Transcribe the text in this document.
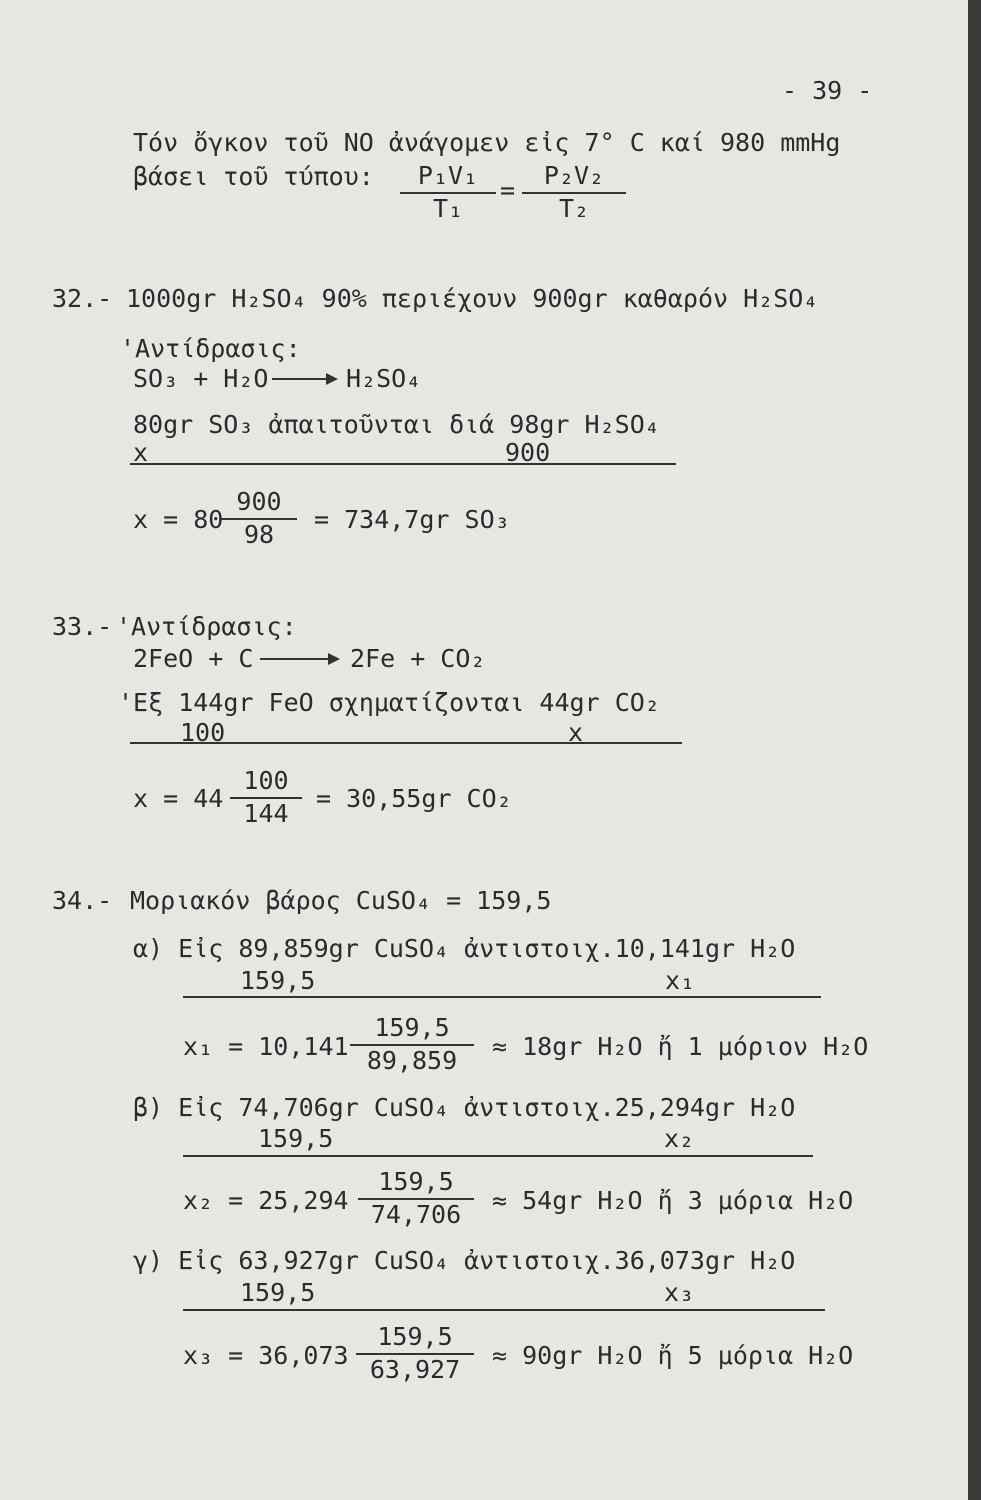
- 39 -
Τόν ὄγκον τοῦ NO ἀνάγομεν εἰς 7° C καί 980 mmHg
βάσει τοῦ τύπου: $\frac{\text{P₁V₁}}{\text{T₁}} = \frac{\text{P₂V₂}}{\text{T₂}}$
32.- 1000gr H₂SO₄ 90% περιέχουν 900gr καθαρόν H₂SO₄
'Αντίδρασις:
SO₃ + H₂O → H₂SO₄
80gr SO₃ ἀπαιτοῦνται διά 98gr H₂SO₄
x	900
x = 80
$\frac{900}{98} = 734,7gr$ SO₃
33.- 'Αντίδρασις:
2FeO + C	2Fe + CO₂
'Εξ 144gr FeO σχηματίζονται 44gr CO₂
100	x
$x = 44 \frac{100}{144} = 30,55gr$ CO₂
34.- Μοριακόν βάρος CuSO₄ = 159,5
α) Εἰς 89,859gr CuSO₄ ἀντιστοιχ.10,141gr H₂O
159,5	x₁
$x_1 = 10,141 \frac{159,5}{89,859} \approx 18gr$ H₂O ἤ 1 μόριον H₂O
β) Εἰς 74,706gr CuSO₄ ἀντιστοιχ.25,294gr H₂O
159,5	x₂
$x_2 = 25,294 \frac{159,5}{74,706} \approx 54gr$ H₂O ἤ 3 μόρια H₂O
γ) Εἰς 63,927gr CuSO₄ ἀντιστοιχ.36,073gr H₂O
159,5	x₃
$x_3 = 36,073 \frac{159,5}{63,927} \approx 90gr$ H₂O ἤ 5 μόρια H₂O
